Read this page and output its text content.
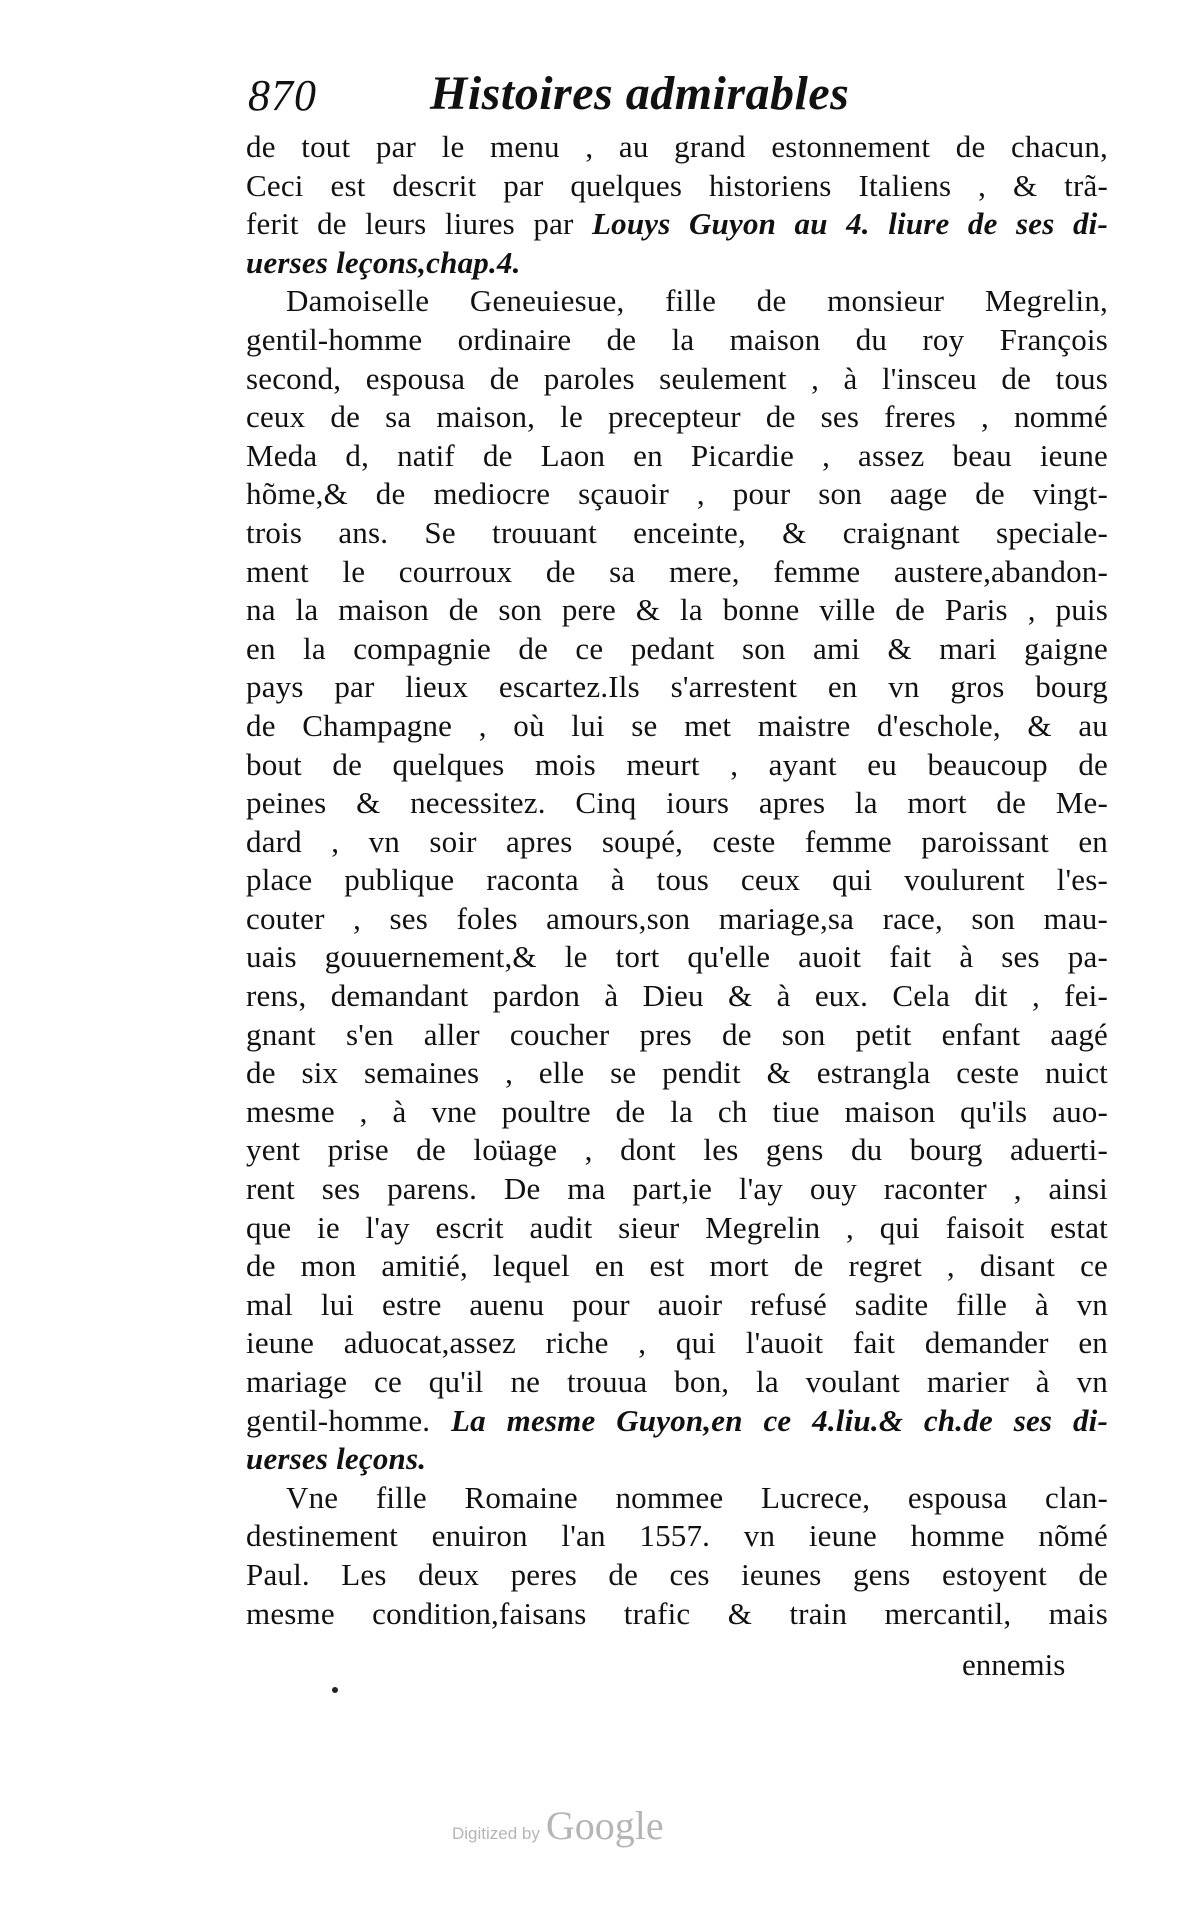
870 Histoires admirables
de tout par le menu , au grand estonnement de chacun,
Ceci est descrit par quelques historiens Italiens , & trã-
ferit de leurs liures par Louys Guyon au 4. liure de ses di-
uerses leçons,chap.4.
Damoiselle Geneuiesue, fille de monsieur Megrelin,
gentil-homme ordinaire de la maison du roy François
second, espousa de paroles seulement , à l'insceu de tous
ceux de sa maison, le precepteur de ses freres , nommé
Meda d, natif de Laon en Picardie , assez beau ieune
hõme,& de mediocre sçauoir , pour son aage de vingt-
trois ans. Se trouuant enceinte, & craignant speciale-
ment le courroux de sa mere, femme austere,abandon-
na la maison de son pere & la bonne ville de Paris , puis
en la compagnie de ce pedant son ami & mari gaigne
pays par lieux escartez.Ils s'arrestent en vn gros bourg
de Champagne , où lui se met maistre d'eschole, & au
bout de quelques mois meurt , ayant eu beaucoup de
peines & necessitez. Cinq iours apres la mort de Me-
dard , vn soir apres soupé, ceste femme paroissant en
place publique raconta à tous ceux qui voulurent l'es-
couter , ses foles amours,son mariage,sa race, son mau-
uais gouuernement,& le tort qu'elle auoit fait à ses pa-
rens, demandant pardon à Dieu & à eux. Cela dit , fei-
gnant s'en aller coucher pres de son petit enfant aagé
de six semaines , elle se pendit & estrangla ceste nuict
mesme , à vne poultre de la ch tiue maison qu'ils auo-
yent prise de loüage , dont les gens du bourg aduerti-
rent ses parens. De ma part,ie l'ay ouy raconter , ainsi
que ie l'ay escrit audit sieur Megrelin , qui faisoit estat
de mon amitié, lequel en est mort de regret , disant ce
mal lui estre auenu pour auoir refusé sadite fille à vn
ieune aduocat,assez riche , qui l'auoit fait demander en
mariage ce qu'il ne trouua bon, la voulant marier à vn
gentil-homme. La mesme Guyon,en ce 4.liu.& ch.de ses di-
uerses leçons.
Vne fille Romaine nommee Lucrece, espousa clan-
destinement enuiron l'an 1557. vn ieune homme nõmé
Paul. Les deux peres de ces ieunes gens estoyent de
mesme condition,faisans trafic & train mercantil, mais
ennemis
Digitized by Google
